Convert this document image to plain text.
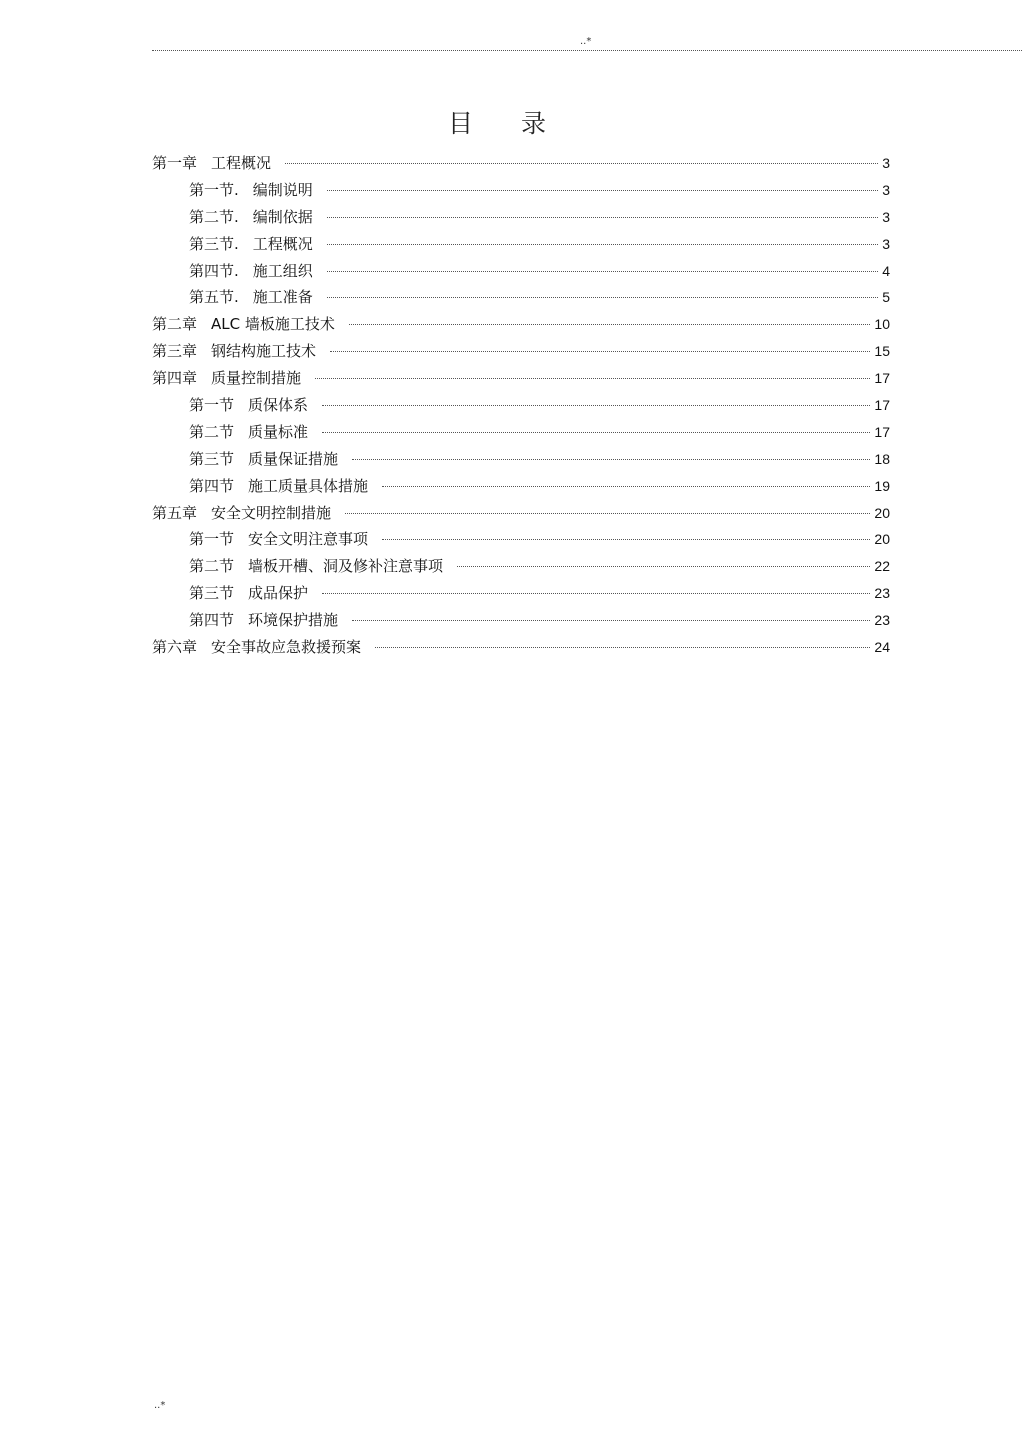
..*
目录
第一章 工程概况	3
第一节. 编制说明	3
第二节. 编制依据	3
第三节. 工程概况	3
第四节. 施工组织	4
第五节. 施工准备	5
第二章 ALC 墙板施工技术	10
第三章 钢结构施工技术	15
第四章 质量控制措施	17
第一节 质保体系	17
第二节 质量标准	17
第三节 质量保证措施	18
第四节 施工质量具体措施	19
第五章 安全文明控制措施	20
第一节 安全文明注意事项	20
第二节 墙板开槽、洞及修补注意事项	22
第三节 成品保护	23
第四节 环境保护措施	23
第六章 安全事故应急救援预案	24
..*
